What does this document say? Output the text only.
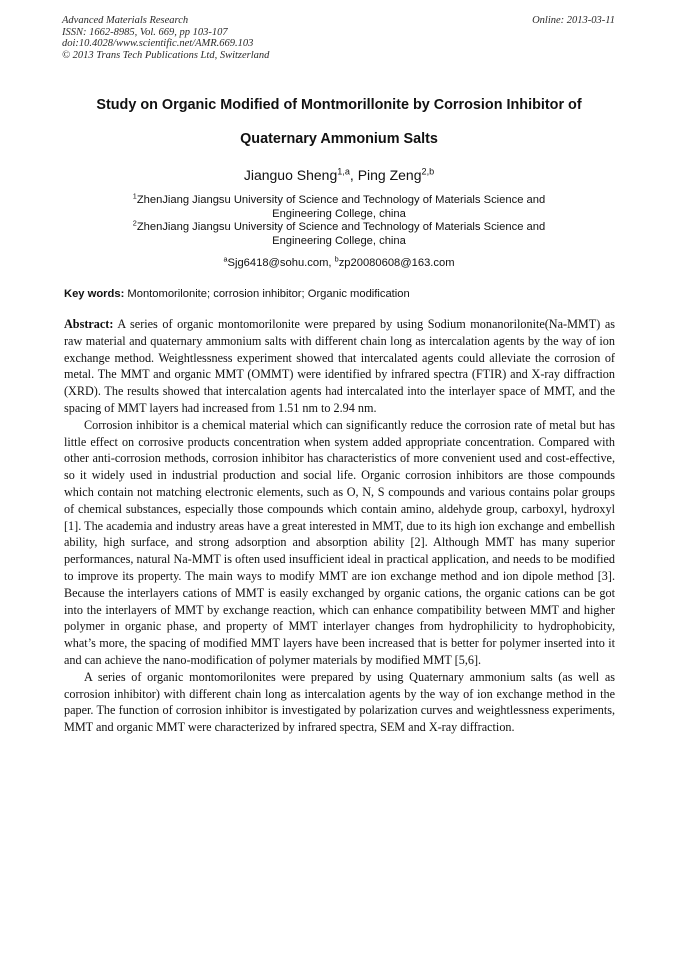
Advanced Materials Research
ISSN: 1662-8985, Vol. 669, pp 103-107
doi:10.4028/www.scientific.net/AMR.669.103
© 2013 Trans Tech Publications Ltd, Switzerland
Online: 2013-03-11
Study on Organic Modified of Montmorillonite by Corrosion Inhibitor of
Quaternary Ammonium Salts
Jianguo Sheng$^{1,a}$, Ping Zeng$^{2,b}$
$^1$ZhenJiang Jiangsu University of Science and Technology of Materials Science and
Engineering College, china
$^2$ZhenJiang Jiangsu University of Science and Technology of Materials Science and
Engineering College, china
$^a$Sjg6418@sohu.com, $^b$zp20080608@163.com
Key words: Montomorilonite; corrosion inhibitor; Organic modification

Abstract: A series of organic montomorilonite were prepared by using Sodium monanorilonite(Na-MMT) as raw material and quaternary ammonium salts with different chain long as intercalation agents by the way of ion exchange method. Weightlessness experiment showed that intercalated agents could alleviate the corrosion of metal. The MMT and organic MMT (OMMT) were identified by infrared spectra (FTIR) and X-ray diffraction (XRD). The results showed that intercalation agents had intercalated into the interlayer space of MMT, and the spacing of MMT layers had increased from 1.51 nm to 2.94 nm.

Corrosion inhibitor is a chemical material which can significantly reduce the corrosion rate of metal but has little effect on corrosive products concentration when system added appropriate concentration. Compared with other anti-corrosion methods, corrosion inhibitor has characteristics of more convenient used and cost-effective, so it widely used in industrial production and social life. Organic corrosion inhibitors are those compounds which contain not matching electronic elements, such as O, N, S compounds and various contains polar groups of chemical substances, especially those compounds which contain amino, aldehyde group, carboxyl, hydroxyl [1]. The academia and industry areas have a great interested in MMT, due to its high ion exchange and embellish ability, high surface, and strong adsorption and absorption ability [2]. Although MMT has many superior performances, natural Na-MMT is often used insufficient ideal in practical application, and needs to be modified to improve its property. The main ways to modify MMT are ion exchange method and ion dipole method [3]. Because the interlayers cations of MMT is easily exchanged by organic cations, the organic cations can be got into the interlayers of MMT by exchange reaction, which can enhance compatibility between MMT and higher polymer in organic phase, and property of MMT interlayer changes from hydrophilicity to hydrophobicity, what’s more, the spacing of modified MMT layers have been increased that is better for polymer inserted into it and can achieve the nano-modification of polymer materials by modified MMT [5,6].

A series of organic montomorilonites were prepared by using Quaternary ammonium salts (as well as corrosion inhibitor) with different chain long as intercalation agents by the way of ion exchange method in the paper. The function of corrosion inhibitor is investigated by polarization curves and weightlessness experiments, MMT and organic MMT were characterized by infrared spectra, SEM and X-ray diffraction.
